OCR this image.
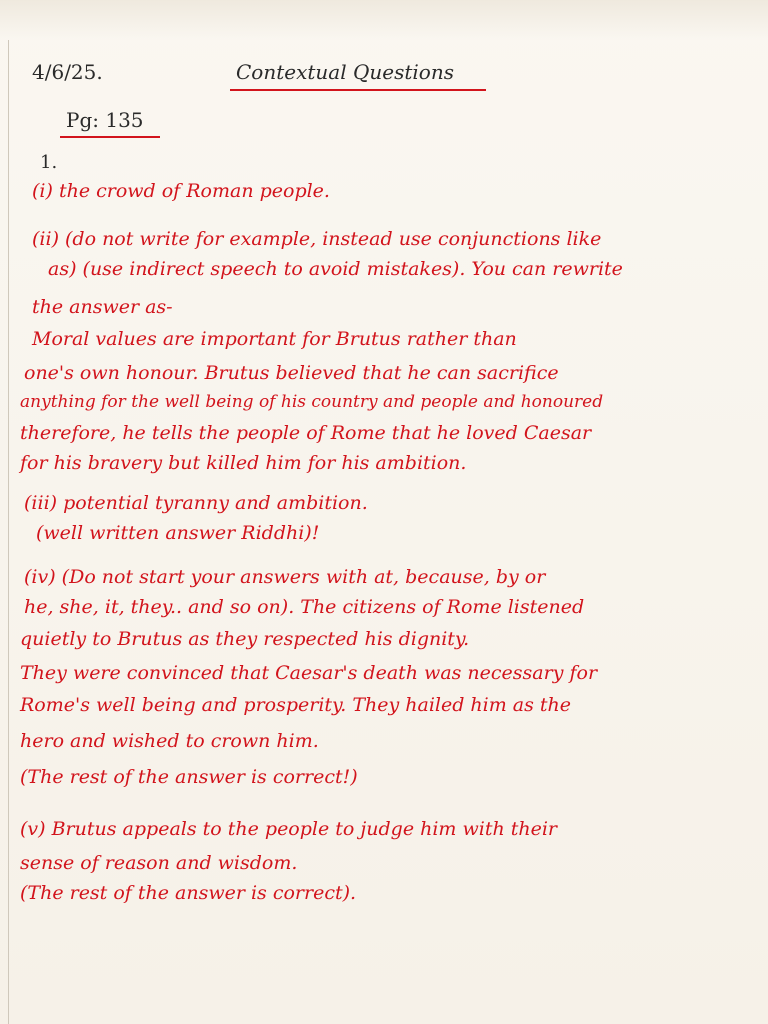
4/6/25.	Contextual Questions
Pg: 135
1.
(i) the crowd of Roman people.
(ii) (do not write for example, instead use conjunctions like
as) (use indirect speech to avoid mistakes). You can rewrite
the answer as-
Moral values are important for Brutus rather than
one's own honour. Brutus believed that he can sacrifice
anything for the well being of his country and people and honoured
therefore, he tells the people of Rome that he loved Caesar
for his bravery but killed him for his ambition.
(iii) potential tyranny and ambition.
(well written answer Riddhi)!
(iv) (Do not start your answers with at, because, by or
he, she, it, they.. and so on). The citizens of Rome listened
quietly to Brutus as they respected his dignity.
They were convinced that Caesar's death was necessary for
Rome's well being and prosperity. They hailed him as the
hero and wished to crown him.
(The rest of the answer is correct!)
(v) Brutus appeals to the people to judge him with their
sense of reason and wisdom.
(The rest of the answer is correct).
